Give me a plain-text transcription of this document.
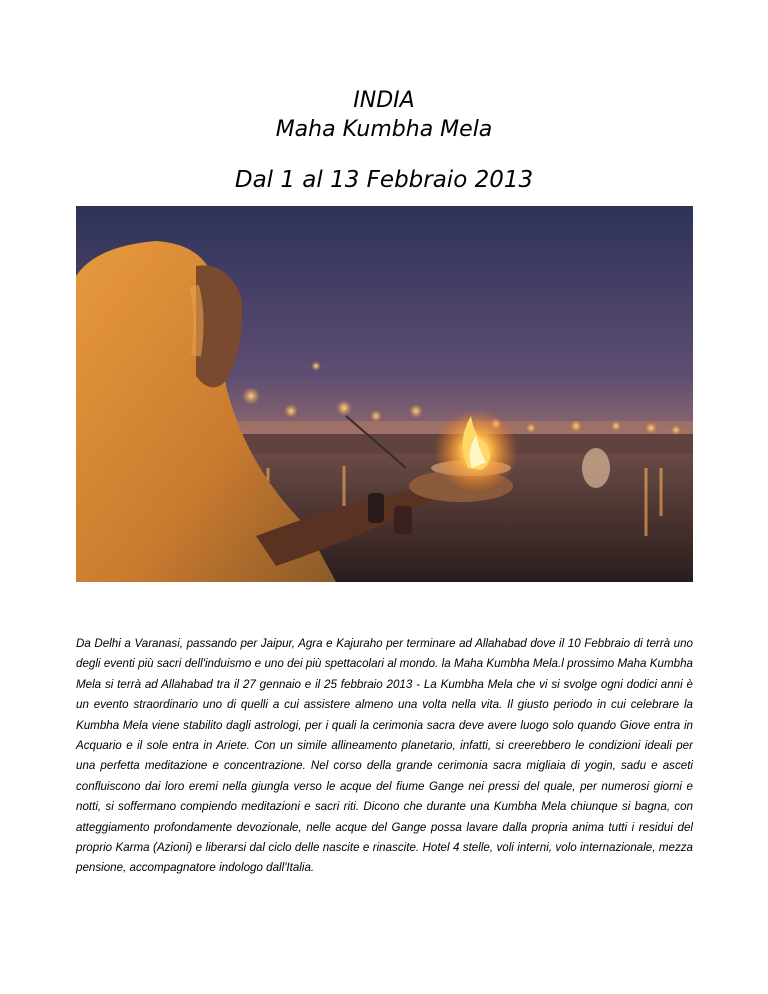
INDIA
Maha Kumbha Mela
Dal 1 al 13 Febbraio 2013

Da Delhi a Varanasi, passando per Jaipur, Agra e Kajuraho per terminare ad Allahabad dove il 10 Febbraio di terrà uno degli eventi più sacri dell'induismo e uno dei più spettacolari al mondo. la Maha Kumbha Mela.l prossimo Maha Kumbha Mela si terrà ad Allahabad tra il 27 gennaio e il 25 febbraio 2013 - La Kumbha Mela che vi si svolge ogni dodici anni è un evento straordinario uno di quelli a cui assistere almeno una volta nella vita. Il giusto periodo in cui celebrare la Kumbha Mela viene stabilito dagli astrologi, per i quali la cerimonia sacra deve avere luogo solo quando Giove entra in Acquario e il sole entra in Ariete. Con un simile allineamento planetario, infatti, si creerebbero le condizioni ideali per una perfetta meditazione e concentrazione. Nel corso della grande cerimonia sacra migliaia di yogin, sadu e asceti confluiscono dai loro eremi nella giungla verso le acque del fiume Gange nei pressi del quale, per numerosi giorni e notti, si soffermano compiendo meditazioni e sacri riti. Dicono che durante una Kumbha Mela chiunque si bagna, con atteggiamento profondamente devozionale, nelle acque del Gange possa lavare dalla propria anima tutti i residui del proprio Karma (Azioni) e liberarsi dal ciclo delle nascite e rinascite. Hotel 4 stelle, voli interni, volo internazionale, mezza pensione, accompagnatore indologo dall'Italia.
